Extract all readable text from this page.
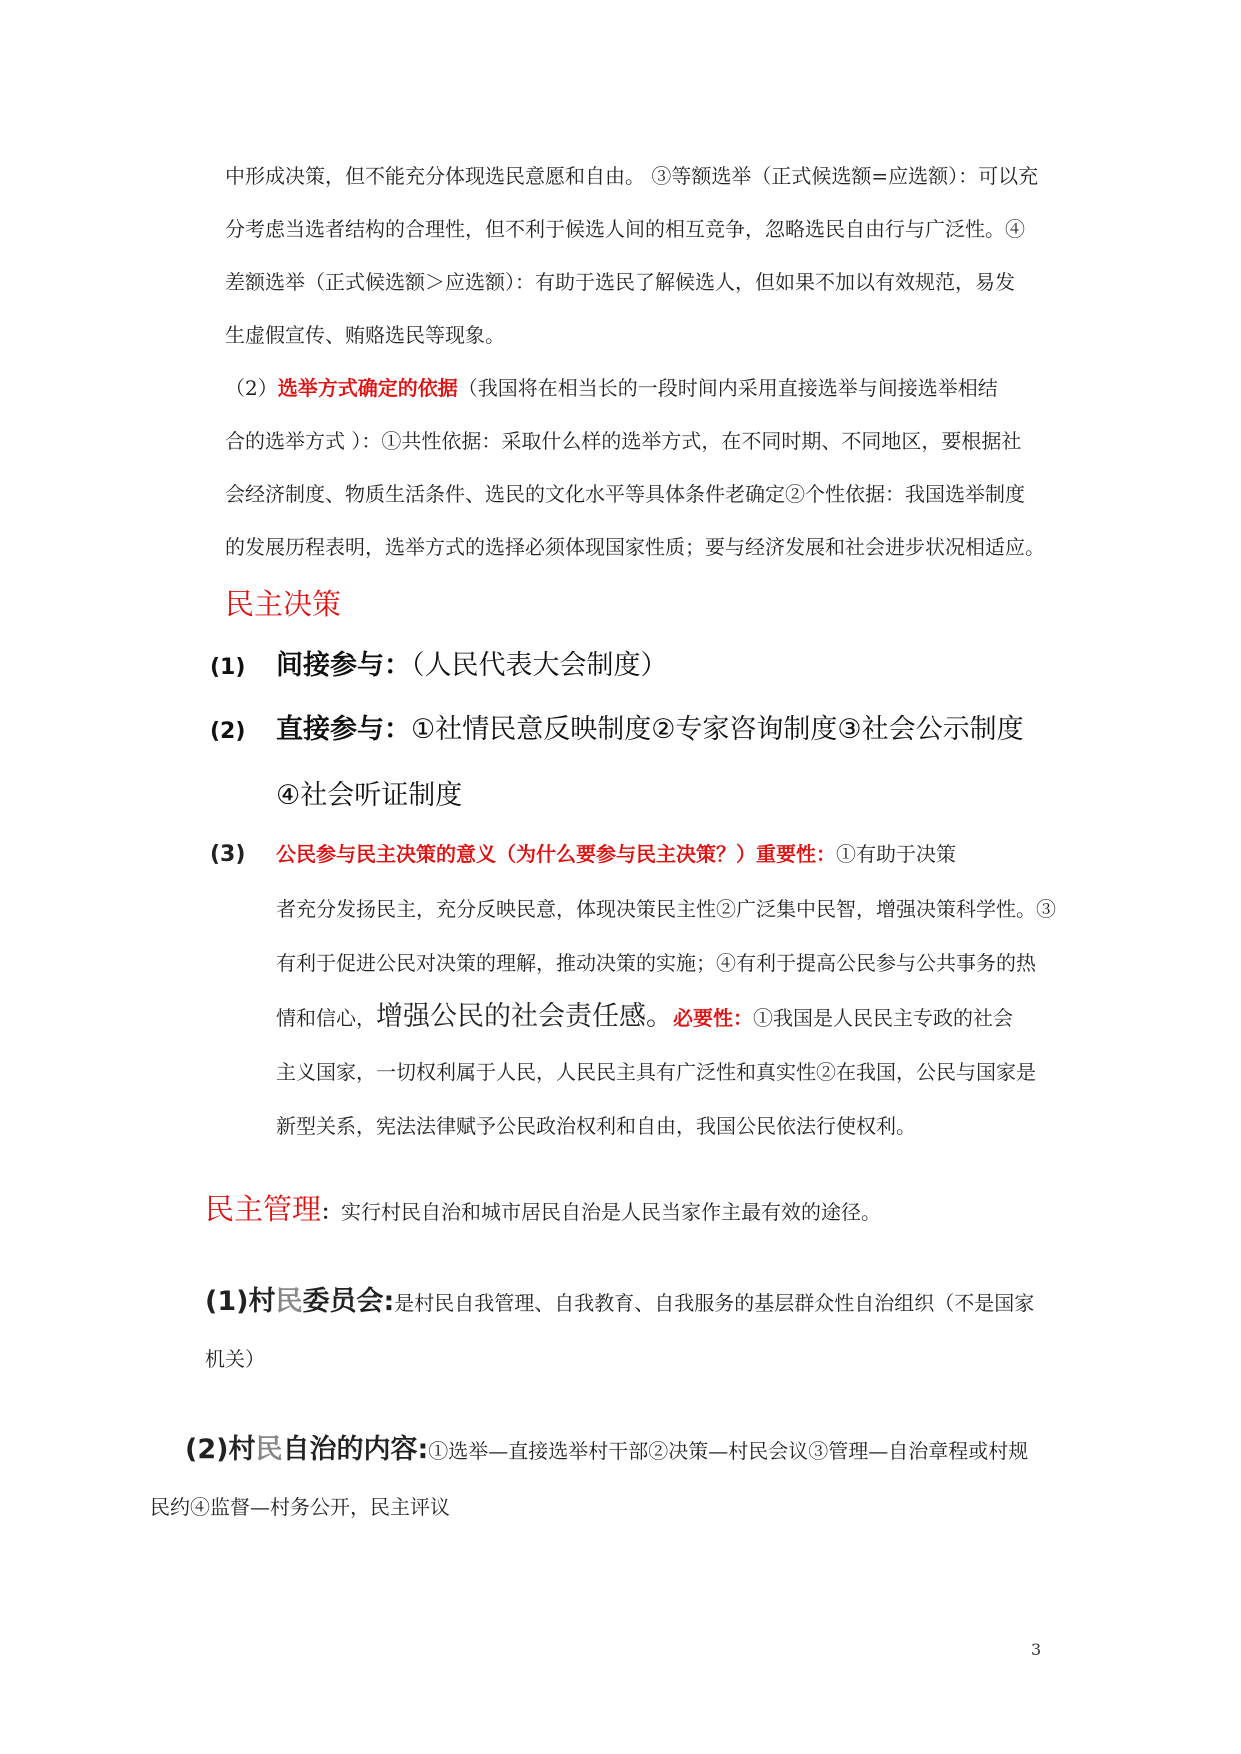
中形成决策，但不能充分体现选民意愿和自由。 ③等额选举（正式候选额=应选额）：可以充
分考虑当选者结构的合理性，但不利于候选人间的相互竞争，忽略选民自由行与广泛性。④
差额选举（正式候选额＞应选额）：有助于选民了解候选人，但如果不加以有效规范，易发
生虚假宣传、贿赂选民等现象。
（2）选举方式确定的依据（我国将在相当长的一段时间内采用直接选举与间接选举相结
合的选举方式 ）：①共性依据：采取什么样的选举方式，在不同时期、不同地区，要根据社
会经济制度、物质生活条件、选民的文化水平等具体条件老确定②个性依据：我国选举制度
的发展历程表明，选举方式的选择必须体现国家性质；要与经济发展和社会进步状况相适应。
民主决策
(1) 间接参与：（人民代表大会制度）
(2) 直接参与：①社情民意反映制度②专家咨询制度③社会公示制度
④社会听证制度
(3) 公民参与民主决策的意义（为什么要参与民主决策？）重要性：①有助于决策
者充分发扬民主，充分反映民意，体现决策民主性②广泛集中民智，增强决策科学性。③
有利于促进公民对决策的理解，推动决策的实施；④有利于提高公民参与公共事务的热
情和信心，增强公民的社会责任感。必要性：①我国是人民民主专政的社会
主义国家，一切权利属于人民，人民民主具有广泛性和真实性②在我国，公民与国家是
新型关系，宪法法律赋予公民政治权利和自由，我国公民依法行使权利。
民主管理：实行村民自治和城市居民自治是人民当家作主最有效的途径。
(1)村民委员会:是村民自我管理、自我教育、自我服务的基层群众性自治组织（不是国家
机关）
(2)村民自治的内容:①选举—直接选举村干部②决策—村民会议③管理—自治章程或村规
民约④监督—村务公开，民主评议
3
